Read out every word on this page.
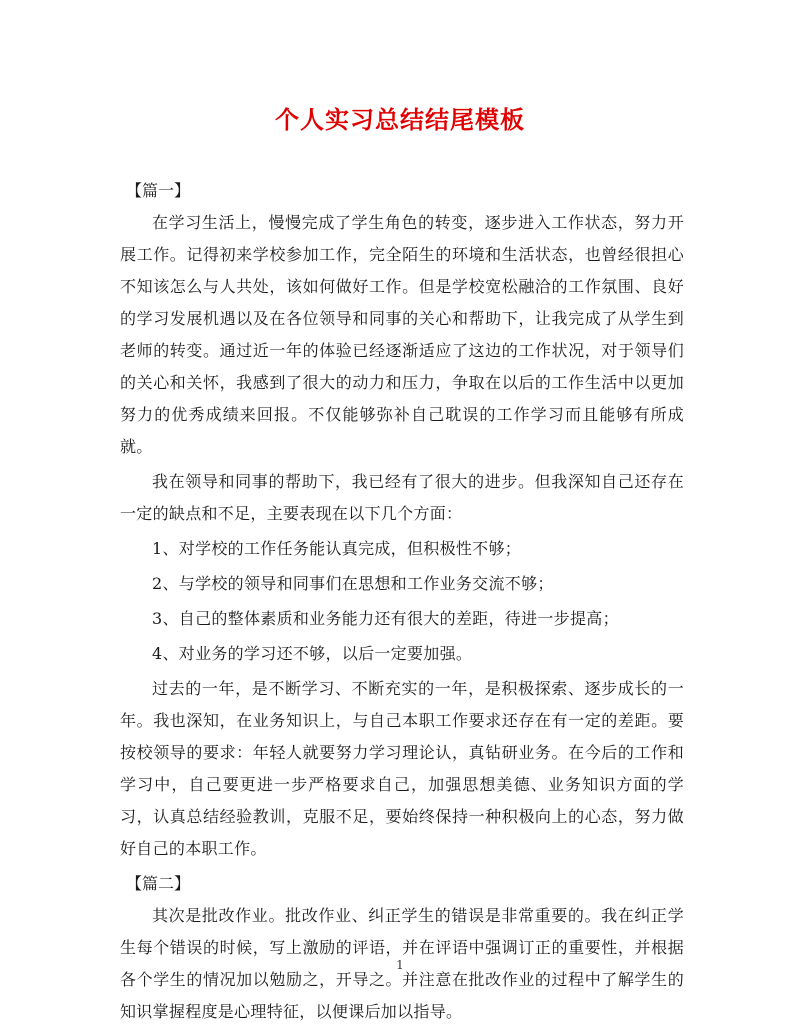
个人实习总结结尾模板

【篇一】

在学习生活上，慢慢完成了学生角色的转变，逐步进入工作状态，努力开展工作。记得初来学校参加工作，完全陌生的环境和生活状态，也曾经很担心不知该怎么与人共处，该如何做好工作。但是学校宽松融洽的工作氛围、良好的学习发展机遇以及在各位领导和同事的关心和帮助下，让我完成了从学生到老师的转变。通过近一年的体验已经逐渐适应了这边的工作状况，对于领导们的关心和关怀，我感到了很大的动力和压力，争取在以后的工作生活中以更加努力的优秀成绩来回报。不仅能够弥补自己耽误的工作学习而且能够有所成就。

我在领导和同事的帮助下，我已经有了很大的进步。但我深知自己还存在一定的缺点和不足，主要表现在以下几个方面：

1、对学校的工作任务能认真完成，但积极性不够；

2、与学校的领导和同事们在思想和工作业务交流不够；

3、自己的整体素质和业务能力还有很大的差距，待进一步提高；

4、对业务的学习还不够，以后一定要加强。

过去的一年，是不断学习、不断充实的一年，是积极探索、逐步成长的一年。我也深知，在业务知识上，与自己本职工作要求还存在有一定的差距。要按校领导的要求：年轻人就要努力学习理论认，真钻研业务。在今后的工作和学习中，自己要更进一步严格要求自己，加强思想美德、业务知识方面的学习，认真总结经验教训，克服不足，要始终保持一种积极向上的心态，努力做好自己的本职工作。

【篇二】

其次是批改作业。批改作业、纠正学生的错误是非常重要的。我在纠正学生每个错误的时候，写上激励的评语，并在评语中强调订正的重要性，并根据各个学生的情况加以勉励之，开导之。并注意在批改作业的过程中了解学生的知识掌握程度是心理特征，以便课后加以指导。

1
